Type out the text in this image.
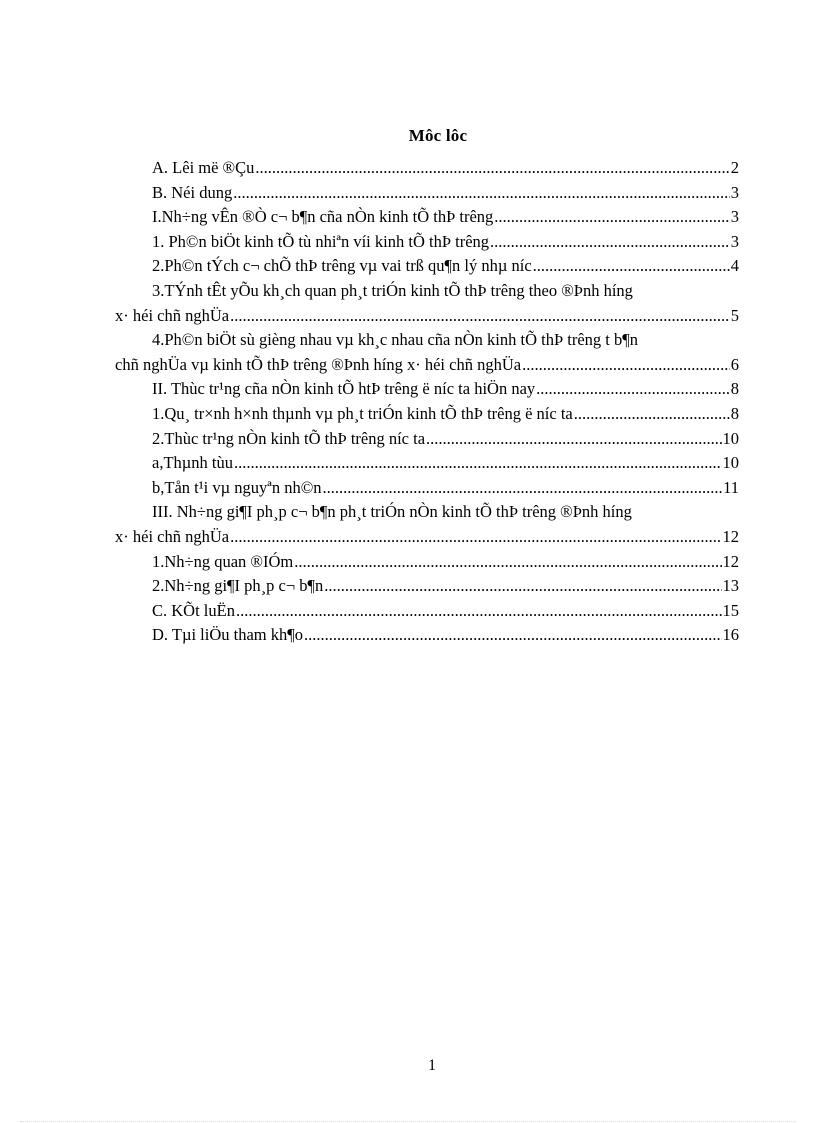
Môc lôc
A. Lêi më ®Çu .....	2
B. Néi dung .....	3
I.Nh÷ng vÊn ®Ò c¬ b¶n cña nÒn kinh tÕ thÞ trêng .....	3
1. Ph©n biÖt kinh tÕ tù nhiªn víi kinh tÕ thÞ trêng .....	3
2.Ph©n tÝch c¬ chÕ thÞ trêng vµ vai trß qu¶n lý nhµ níc .....	4
3.TÝnh tÊt yÕu kh¸ch quan ph¸t triÓn kinh tÕ thÞ trêng theo ®Þnh híng
x· héi chñ nghÜa .....	5
4.Ph©n biÖt sù gièng nhau vµ kh¸c nhau cña nÒn kinh tÕ thÞ trêng t b¶n
chñ nghÜa vµ kinh tÕ thÞ trêng ®Þnh híng x· héi chñ nghÜa .....	6
II. Thùc tr¹ng cña nÒn kinh tÕ htÞ trêng ë níc ta hiÖn nay .....	8
1.Qu¸ tr×nh h×nh thµnh vµ ph¸t triÓn kinh tÕ thÞ trêng ë níc ta .....	8
2.Thùc tr¹ng nÒn kinh tÕ thÞ trêng níc ta .....	10
a,Thµnh tùu .....	10
b,Tån t¹i vµ nguyªn nh©n .....	11
III. Nh÷ng gi¶I ph¸p c¬ b¶n ph¸t triÓn nÒn kinh tÕ thÞ trêng ®Þnh híng
x· héi chñ nghÜa .....	12
1.Nh÷ng quan ®IÓm .....	12
2.Nh÷ng gi¶I ph¸p c¬ b¶n .....	13
C. KÕt luËn .....	15
D. Tµi liÖu tham kh¶o .....	16
1
